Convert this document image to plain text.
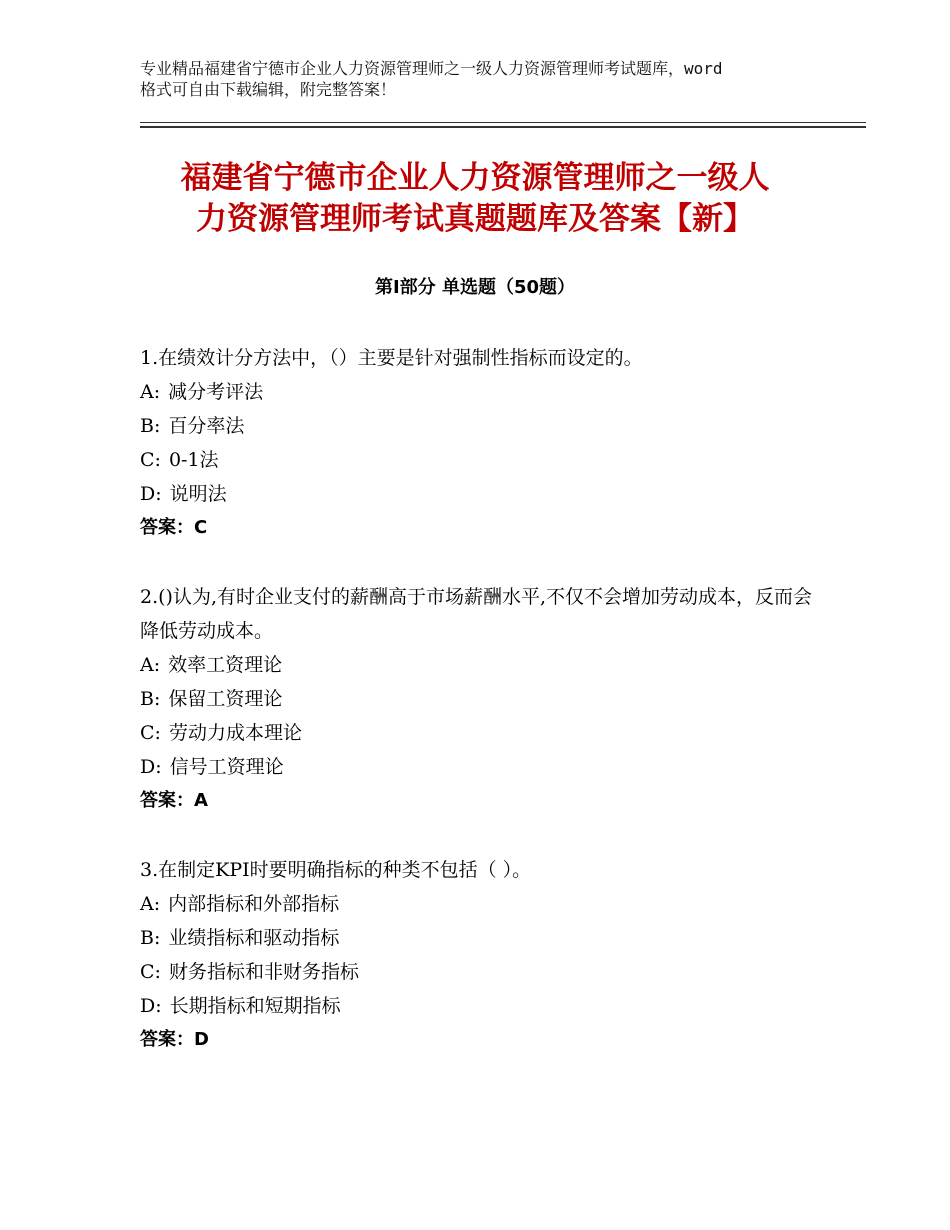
专业精品福建省宁德市企业人力资源管理师之一级人力资源管理师考试题库，word
格式可自由下载编辑，附完整答案！
福建省宁德市企业人力资源管理师之一级人
力资源管理师考试真题题库及答案【新】
第Ⅰ部分 单选题（50题）

1.在绩效计分方法中，（）主要是针对强制性指标而设定的。

A: 减分考评法
B: 百分率法
C: 0-1法
D: 说明法
答案：C

2.()认为,有时企业支付的薪酬高于市场薪酬水平,不仅不会增加劳动成本，反而会降低劳动成本。

A: 效率工资理论
B: 保留工资理论
C: 劳动力成本理论
D: 信号工资理论
答案：A

3.在制定KPI时要明确指标的种类不包括（ ）。

A: 内部指标和外部指标
B: 业绩指标和驱动指标
C: 财务指标和非财务指标
D: 长期指标和短期指标
答案：D
